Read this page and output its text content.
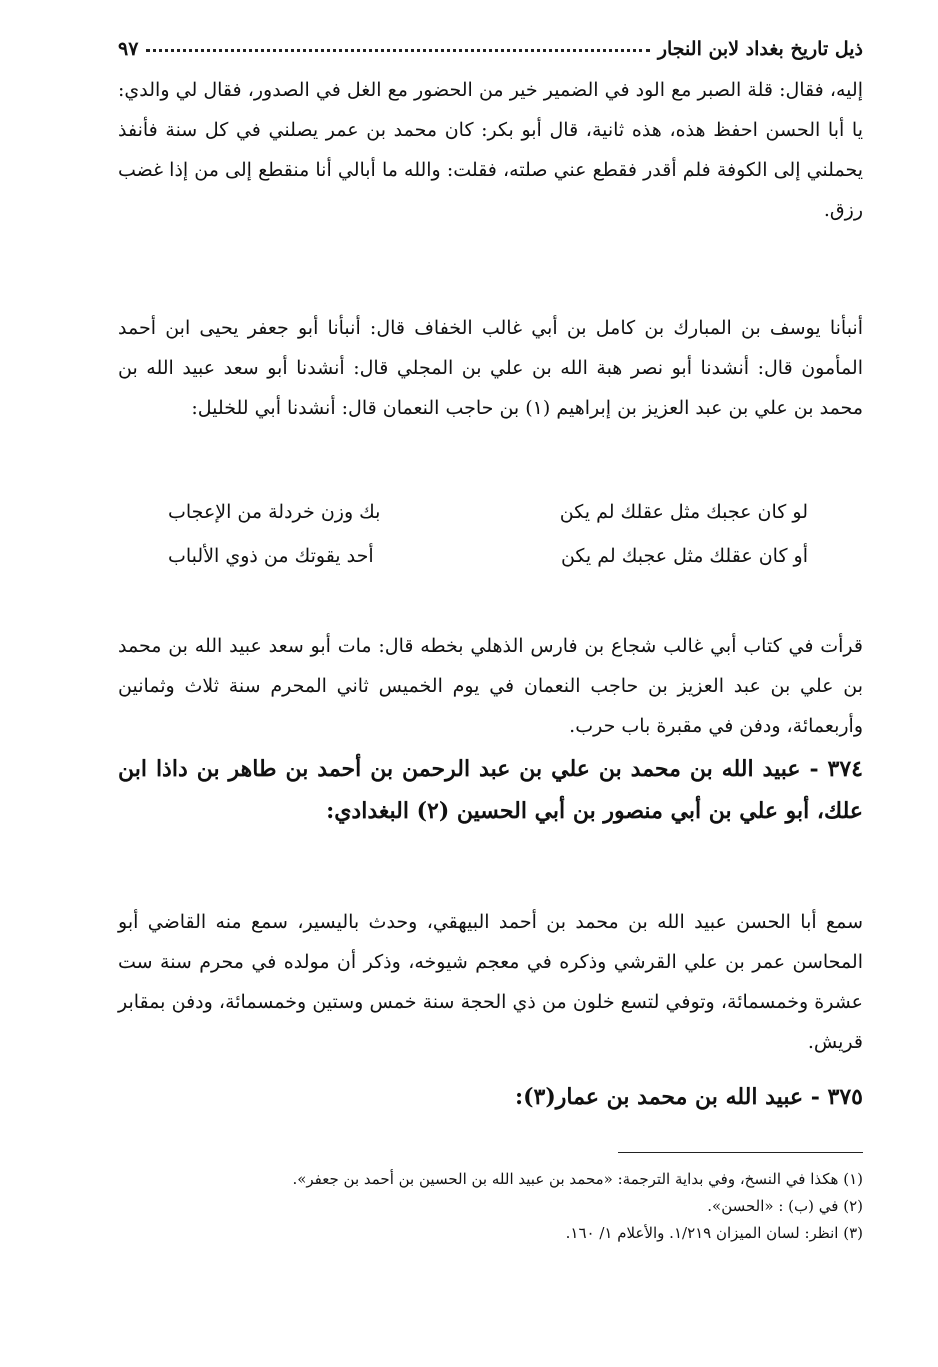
ذيل تاريخ بغداد لابن النجار
٩٧

إليه، فقال: قلة الصبر مع الود في الضمير خير من الحضور مع الغل في الصدور، فقال لي والدي: يا أبا الحسن احفظ هذه، هذه ثانية، قال أبو بكر: كان محمد بن عمر يصلني في كل سنة فأنفذ يحملني إلى الكوفة فلم أقدر فقطع عني صلته، فقلت: والله ما أبالي أنا منقطع إلى من إذا غضب رزق.

أنبأنا يوسف بن المبارك بن كامل بن أبي غالب الخفاف قال: أنبأنا أبو جعفر يحيى ابن أحمد المأمون قال: أنشدنا أبو نصر هبة الله بن علي بن المجلي قال: أنشدنا أبو سعد عبيد الله بن محمد بن علي بن عبد العزيز بن إبراهيم (١) بن حاجب النعمان قال: أنشدنا أبي للخليل:

لو كان عجبك مثل عقلك لم يكن
بك وزن خردلة من الإعجاب
أو كان عقلك مثل عجبك لم يكن
أحد يقوتك من ذوي الألباب

قرأت في كتاب أبي غالب شجاع بن فارس الذهلي بخطه قال: مات أبو سعد عبيد الله بن محمد بن علي بن عبد العزيز بن حاجب النعمان في يوم الخميس ثاني المحرم سنة ثلاث وثمانين وأربعمائة، ودفن في مقبرة باب حرب.

٣٧٤ - عبيد الله بن محمد بن علي بن عبد الرحمن بن أحمد بن طاهر بن داذا ابن علك، أبو علي بن أبي منصور بن أبي الحسين (٢) البغدادي:

سمع أبا الحسن عبيد الله بن محمد بن أحمد البيهقي، وحدث باليسير، سمع منه القاضي أبو المحاسن عمر بن علي القرشي وذكره في معجم شيوخه، وذكر أن مولده في محرم سنة ست عشرة وخمسمائة، وتوفي لتسع خلون من ذي الحجة سنة خمس وستين وخمسمائة، ودفن بمقابر قريش.

٣٧٥ - عبيد الله بن محمد بن عمار(٣):

(١) هكذا في النسخ، وفي بداية الترجمة: «محمد بن عبيد الله بن الحسين بن أحمد بن جعفر».
(٢) في (ب) : «الحسن».
(٣) انظر: لسان الميزان ١/٢١٩. والأعلام ١/ ١٦٠.
